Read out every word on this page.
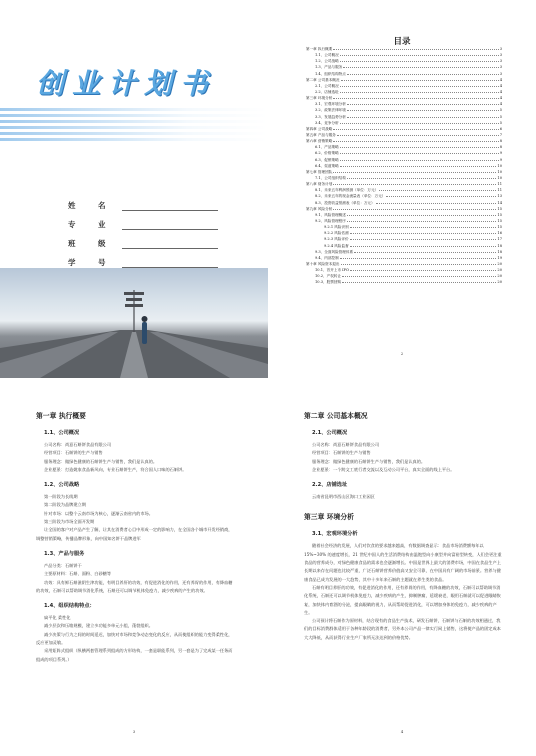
创业计划书
姓	名
专	业
班	级
学	号
目录
第一章 执行概要	3
1.1、公司概况	3
1.2、公司战略	3
1.3、产品与服务	3
1.4、组织结构特点	3
第二章 公司基本概况	4
2.1、公司概况	4
2.2、店铺选址	4
第三章 环境分析	4
3.1、宏观环境分析	4
3.2、政策法律环境	5
3.3、发展趋势分析	5
3.4、竞争分析	5
第四章 公司战略	6
第五章 产品与服务	7
第六章 营销策略	8
6.1、产品策略	8
6.2、价格策略	9
6.3、促销策略	9
6.4、渠道策略	10
第七章 管理团队	10
7.1、公司组织结构	10
第八章 财务计划	11
8.1、未来五年利润预测（单位：万元）	11
8.2、未来五年的现金流量表（单位：万元）	13
8.3、投资收益预测表（单位：万元）	14
第九章 风险分析	15
9.1、风险管理概述	15
9.2、风险管理程序	15
9.2.1 风险识别	15
9.2.2 风险估测	16
9.2.3 风险评价	17
9.2.4 风险监督	18
9.3、全面风险管理体系	18
9.4、内部控制	19
第十章 风险资本退出	20
10.1、首开上市 IPO	20
10.2、产权转让	20
10.3、股票回购	20
2
第一章 执行概要
1.1、公司概况

公司名称：尚意石斛饼食品有限公司

经营项目：石斛饼的生产与销售

服务理念：做绿色健康的石斛饼生产与销售，我们是认真的。

企业愿景：打造姚家食品新风向，专业石斛饼生产，符合国人口味的石斛饼。

1.2、公司战略

第一阶段为长线期

第二阶段为品牌建立期

针对市场：以整个云南市场为核心，逐渐云南省内的市场。

第三阶段为市场全面开发期

让全国的客户对产品产生了解，让其在消费者心目中形成一定的影响力，在全国各个城市开发经销商，调整营销策略，传播品牌形象，向中国知名饼干品牌进军

1.3、产品与服务

产品分类：石斛饼干

主要原材料：石斛、面粉、白砂糖等

功效：具有鲜石斛滋阴生津功能，有明目养肝的功效，有促进消化的作用，还有养胃的作用，有降血糖的功效，石斛可以帮助调节消化系统，石斛还可以调节机体免疫力，减少疾病的产生的功效。

1.4、组织结构特点：

扁平化 柔性化

减少层次和压缩规模，建立多功能多单元小组，蓬勃组织。

减少决策与行为之间的时间延迟，加快对市场和竞争动态变化的反应，从而使组织的能力变得柔性化，反应更加灵敏。

采用矩阵式组织（纵横两套管理系列组成的方形结构，一套是职能系列，另一套是为了完成某一任务而组成的项目系列。）

3
第二章 公司基本概况
2.1、公司概况

公司名称：尚意石斛饼食品有限公司

经营项目：石斛饼的生产与销售

服务理念：做绿色健康的石斛饼生产与销售，我们是认真的。

企业愿景：一个跨文工底行者交流以及互动公司平台，真实全面的线上平台。

2.2、店铺选址

云南省昆明市西山区海口工业园区

第三章 环境分析
3.1、宏观环境分析

随着社会经济的发展，人们对饮食的要求越来越高，有数据调查显示：食品市场消费额每年以 15%~30% 的速度增长，21 世纪中国人的生活消费结构由温饱型向小康型并向富裕型转变，人们会更注重食品的营养成分，对绿色健康食品的需求也会逐渐增长。中国是世界上最大的消费市场，中国在食品生产上长期以来存在问题也比较严重，广泛石斛饼营养价值高又安全可靠，在中国具有广阔的市场前景。营养与健康食品已成为发展的一大趋势，其中十多年来石斛的主题就在养生类的食品。

石斛有明目养肝的功效，有促进消化的作用，还有养胃的作用，有降血糖的功效，石斛可以帮助调节消化系统，石斛还可以调节机体免疫力，减少疾病的产生，抑制肿瘤，延缓衰老，眼用石斛就可以促进眼睛恢复，加快体内育酒的分泌，提高眼睛的视力，从而帮助促进消化，可以增加身体的免疫力，减少疾病的产生。

公司预计将石斛作为原材料，结合现有的食品生产技术，研发石斛饼，石斛饼与石斛的功效相通过，我们的目标消费群体适用于各种年龄段的消费者，另外本公司产品一律实行网上销售，这将使产品的固定成本大大降低，从而获得行业生产厂家所无法达到的价格优势。

4
